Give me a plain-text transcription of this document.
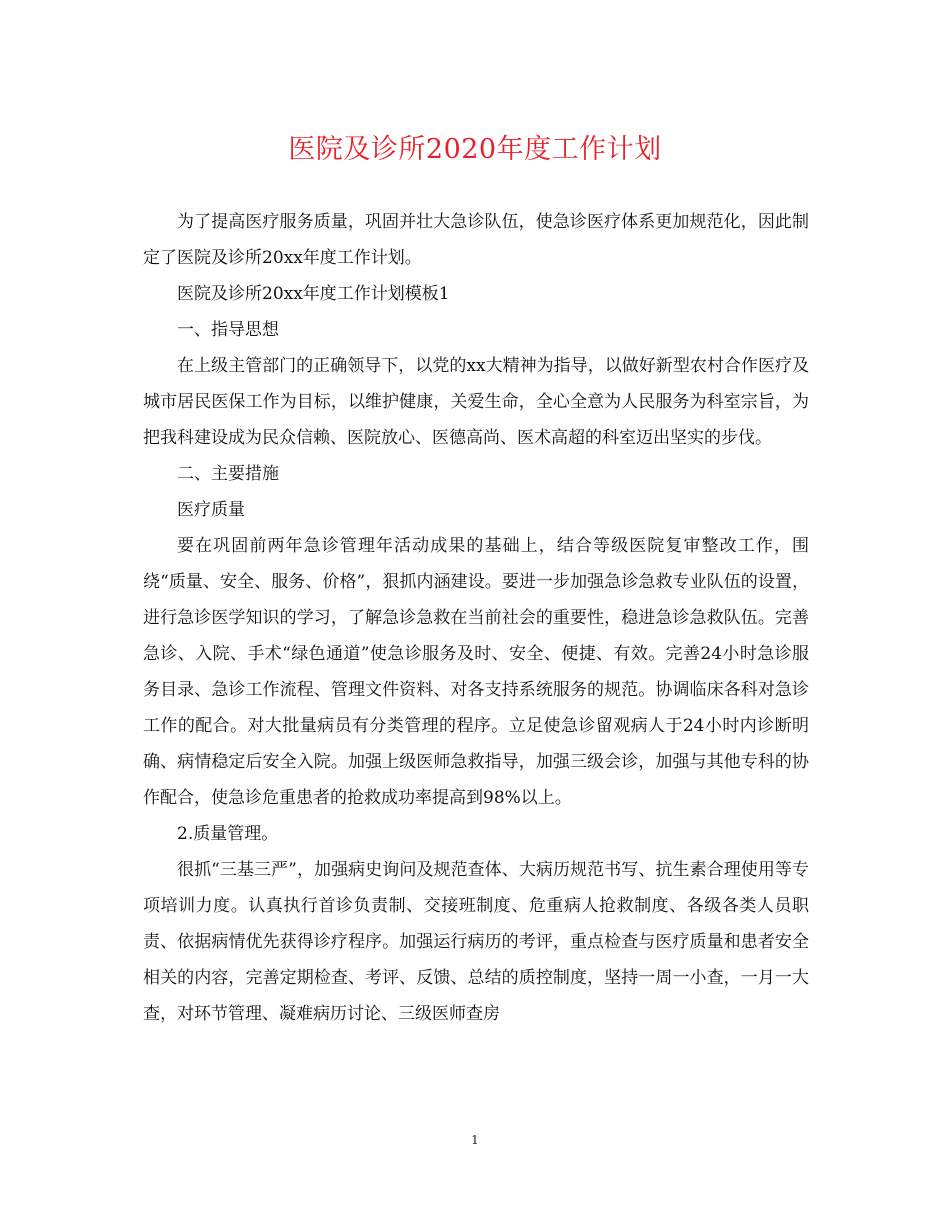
医院及诊所2020年度工作计划

为了提高医疗服务质量，巩固并壮大急诊队伍，使急诊医疗体系更加规范化，因此制定了医院及诊所20xx年度工作计划。

医院及诊所20xx年度工作计划模板1

一、指导思想

在上级主管部门的正确领导下，以党的xx大精神为指导，以做好新型农村合作医疗及城市居民医保工作为目标，以维护健康，关爱生命，全心全意为人民服务为科室宗旨，为把我科建设成为民众信赖、医院放心、医德高尚、医术高超的科室迈出坚实的步伐。

二、主要措施

医疗质量

要在巩固前两年急诊管理年活动成果的基础上，结合等级医院复审整改工作，围绕“质量、安全、服务、价格”，狠抓内涵建设。要进一步加强急诊急救专业队伍的设置，进行急诊医学知识的学习，了解急诊急救在当前社会的重要性，稳进急诊急救队伍。完善急诊、入院、手术“绿色通道”使急诊服务及时、安全、便捷、有效。完善24小时急诊服务目录、急诊工作流程、管理文件资料、对各支持系统服务的规范。协调临床各科对急诊工作的配合。对大批量病员有分类管理的程序。立足使急诊留观病人于24小时内诊断明确、病情稳定后安全入院。加强上级医师急救指导，加强三级会诊，加强与其他专科的协作配合，使急诊危重患者的抢救成功率提高到98%以上。

2.质量管理。

很抓“三基三严”，加强病史询问及规范查体、大病历规范书写、抗生素合理使用等专项培训力度。认真执行首诊负责制、交接班制度、危重病人抢救制度、各级各类人员职责、依据病情优先获得诊疗程序。加强运行病历的考评，重点检查与医疗质量和患者安全相关的内容，完善定期检查、考评、反馈、总结的质控制度，坚持一周一小查，一月一大查，对环节管理、凝难病历讨论、三级医师查房

1
